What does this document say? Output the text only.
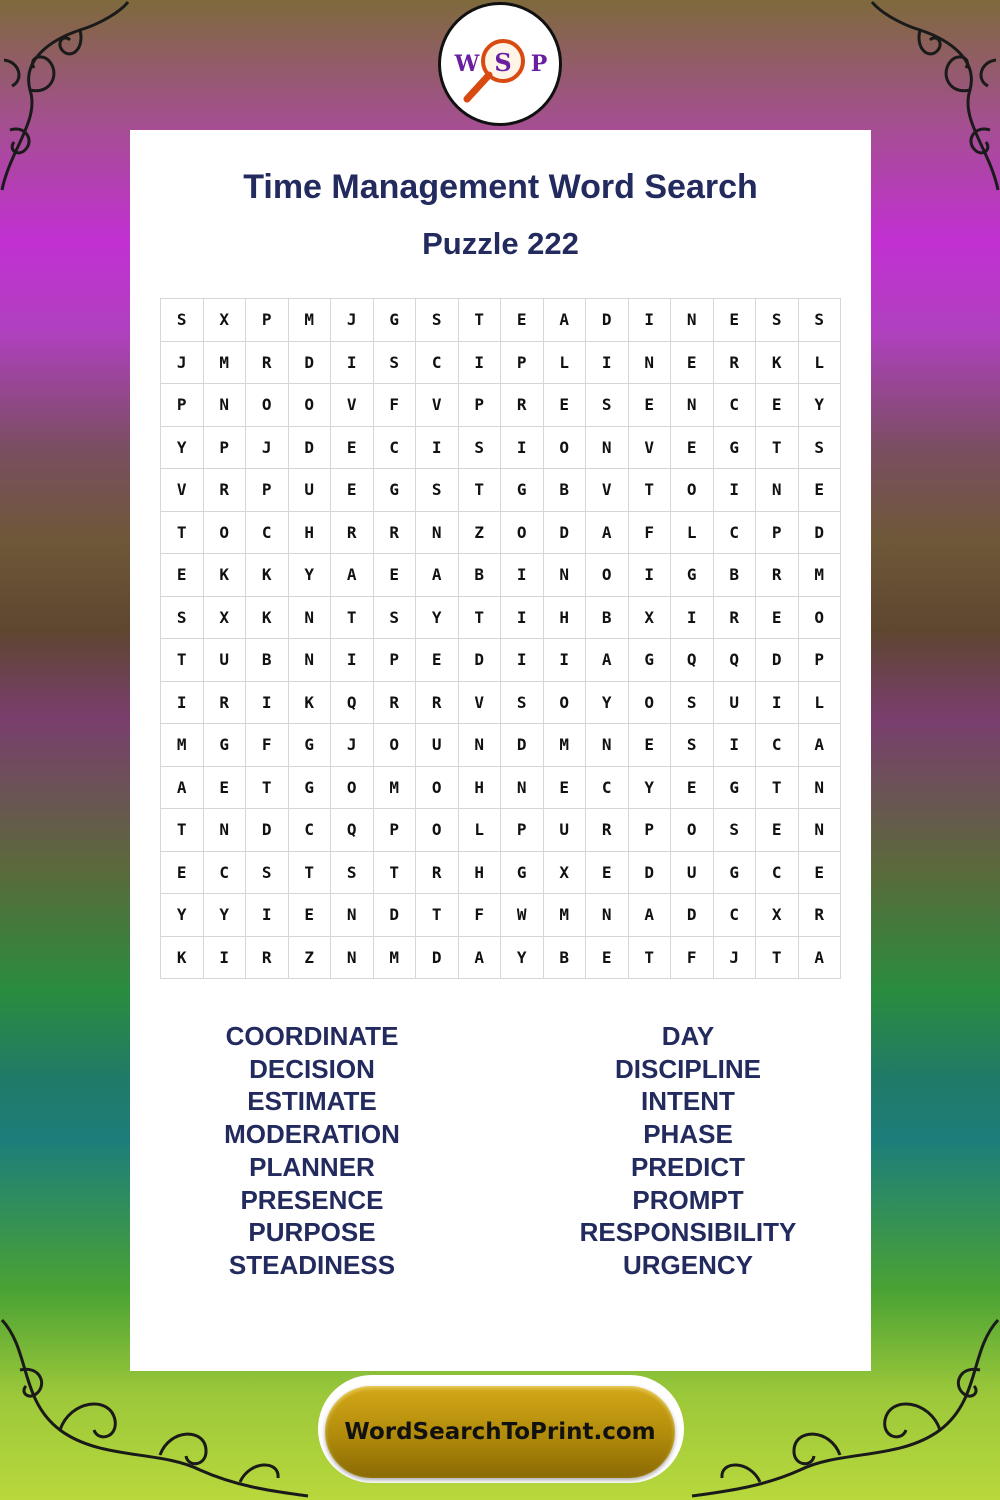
W S P
Time Management Word Search
Puzzle 222
S	X	P	M	J	G	S	T	E	A	D	I	N	E	S	S
J	M	R	D	I	S	C	I	P	L	I	N	E	R	K	L
P	N	O	O	V	F	V	P	R	E	S	E	N	C	E	Y
Y	P	J	D	E	C	I	S	I	O	N	V	E	G	T	S
V	R	P	U	E	G	S	T	G	B	V	T	O	I	N	E
T	O	C	H	R	R	N	Z	O	D	A	F	L	C	P	D
E	K	K	Y	A	E	A	B	I	N	O	I	G	B	R	M
S	X	K	N	T	S	Y	T	I	H	B	X	I	R	E	O
T	U	B	N	I	P	E	D	I	I	A	G	Q	Q	D	P
I	R	I	K	Q	R	R	V	S	O	Y	O	S	U	I	L
M	G	F	G	J	O	U	N	D	M	N	E	S	I	C	A
A	E	T	G	O	M	O	H	N	E	C	Y	E	G	T	N
T	N	D	C	Q	P	O	L	P	U	R	P	O	S	E	N
E	C	S	T	S	T	R	H	G	X	E	D	U	G	C	E
Y	Y	I	E	N	D	T	F	W	M	N	A	D	C	X	R
K	I	R	Z	N	M	D	A	Y	B	E	T	F	J	T	A
COORDINATE
DECISION
ESTIMATE
MODERATION
PLANNER
PRESENCE
PURPOSE
STEADINESS
DAY
DISCIPLINE
INTENT
PHASE
PREDICT
PROMPT
RESPONSIBILITY
URGENCY
WordSearchToPrint.com
